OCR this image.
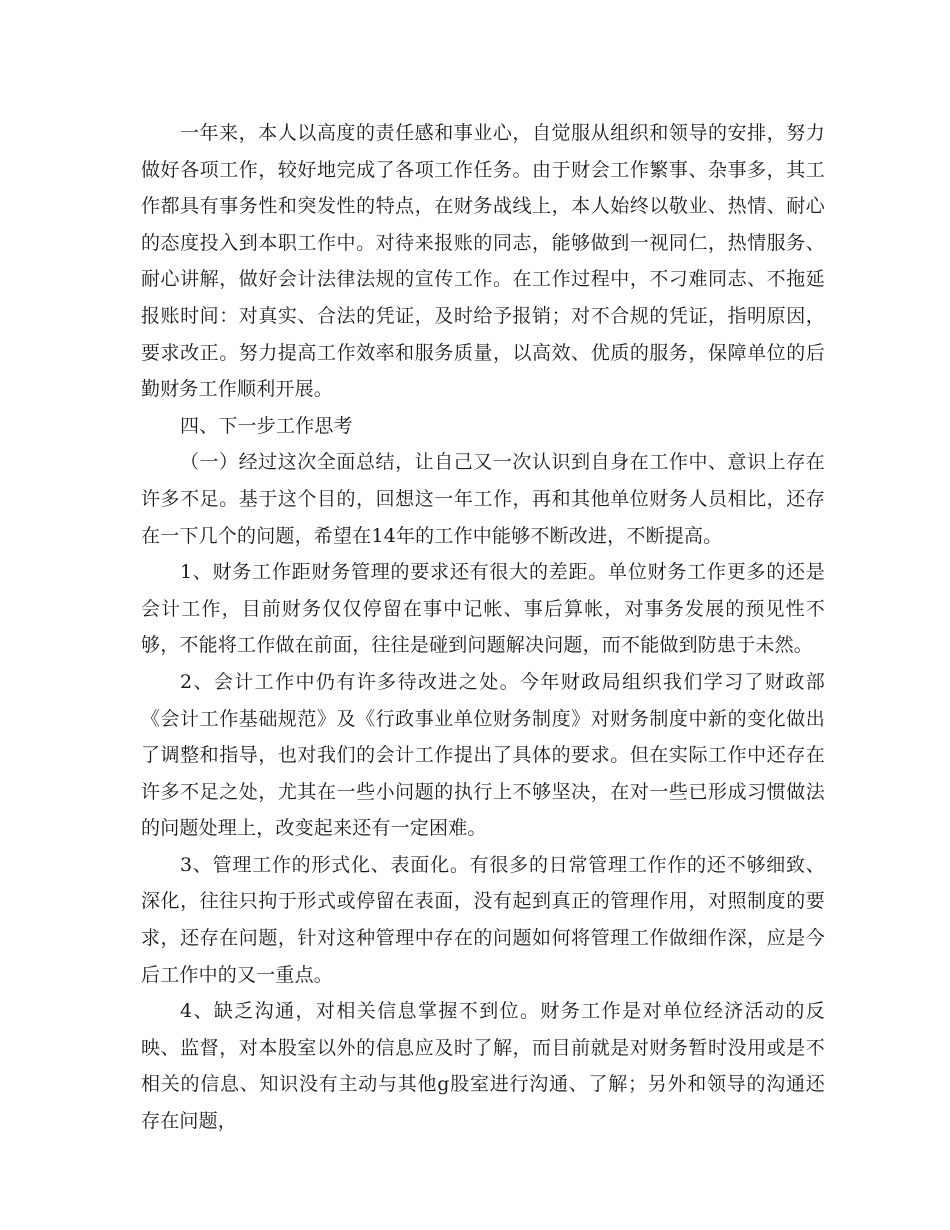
一年来，本人以高度的责任感和事业心，自觉服从组织和领导的安排，努力做好各项工作，较好地完成了各项工作任务。由于财会工作繁事、杂事多，其工作都具有事务性和突发性的特点，在财务战线上，本人始终以敬业、热情、耐心的态度投入到本职工作中。对待来报账的同志，能够做到一视同仁，热情服务、耐心讲解，做好会计法律法规的宣传工作。在工作过程中，不刁难同志、不拖延报账时间：对真实、合法的凭证，及时给予报销；对不合规的凭证，指明原因，要求改正。努力提高工作效率和服务质量，以高效、优质的服务，保障单位的后勤财务工作顺利开展。

四、下一步工作思考

（一）经过这次全面总结，让自己又一次认识到自身在工作中、意识上存在许多不足。基于这个目的，回想这一年工作，再和其他单位财务人员相比，还存在一下几个的问题，希望在14年的工作中能够不断改进，不断提高。

1、财务工作距财务管理的要求还有很大的差距。单位财务工作更多的还是会计工作，目前财务仅仅停留在事中记帐、事后算帐，对事务发展的预见性不够，不能将工作做在前面，往往是碰到问题解决问题，而不能做到防患于未然。

2、会计工作中仍有许多待改进之处。今年财政局组织我们学习了财政部《会计工作基础规范》及《行政事业单位财务制度》对财务制度中新的变化做出了调整和指导，也对我们的会计工作提出了具体的要求。但在实际工作中还存在许多不足之处，尤其在一些小问题的执行上不够坚决，在对一些已形成习惯做法的问题处理上，改变起来还有一定困难。

3、管理工作的形式化、表面化。有很多的日常管理工作作的还不够细致、深化，往往只拘于形式或停留在表面，没有起到真正的管理作用，对照制度的要求，还存在问题，针对这种管理中存在的问题如何将管理工作做细作深，应是今后工作中的又一重点。

4、缺乏沟通，对相关信息掌握不到位。财务工作是对单位经济活动的反映、监督，对本股室以外的信息应及时了解，而目前就是对财务暂时没用或是不相关的信息、知识没有主动与其他g股室进行沟通、了解；另外和领导的沟通还存在问题，
